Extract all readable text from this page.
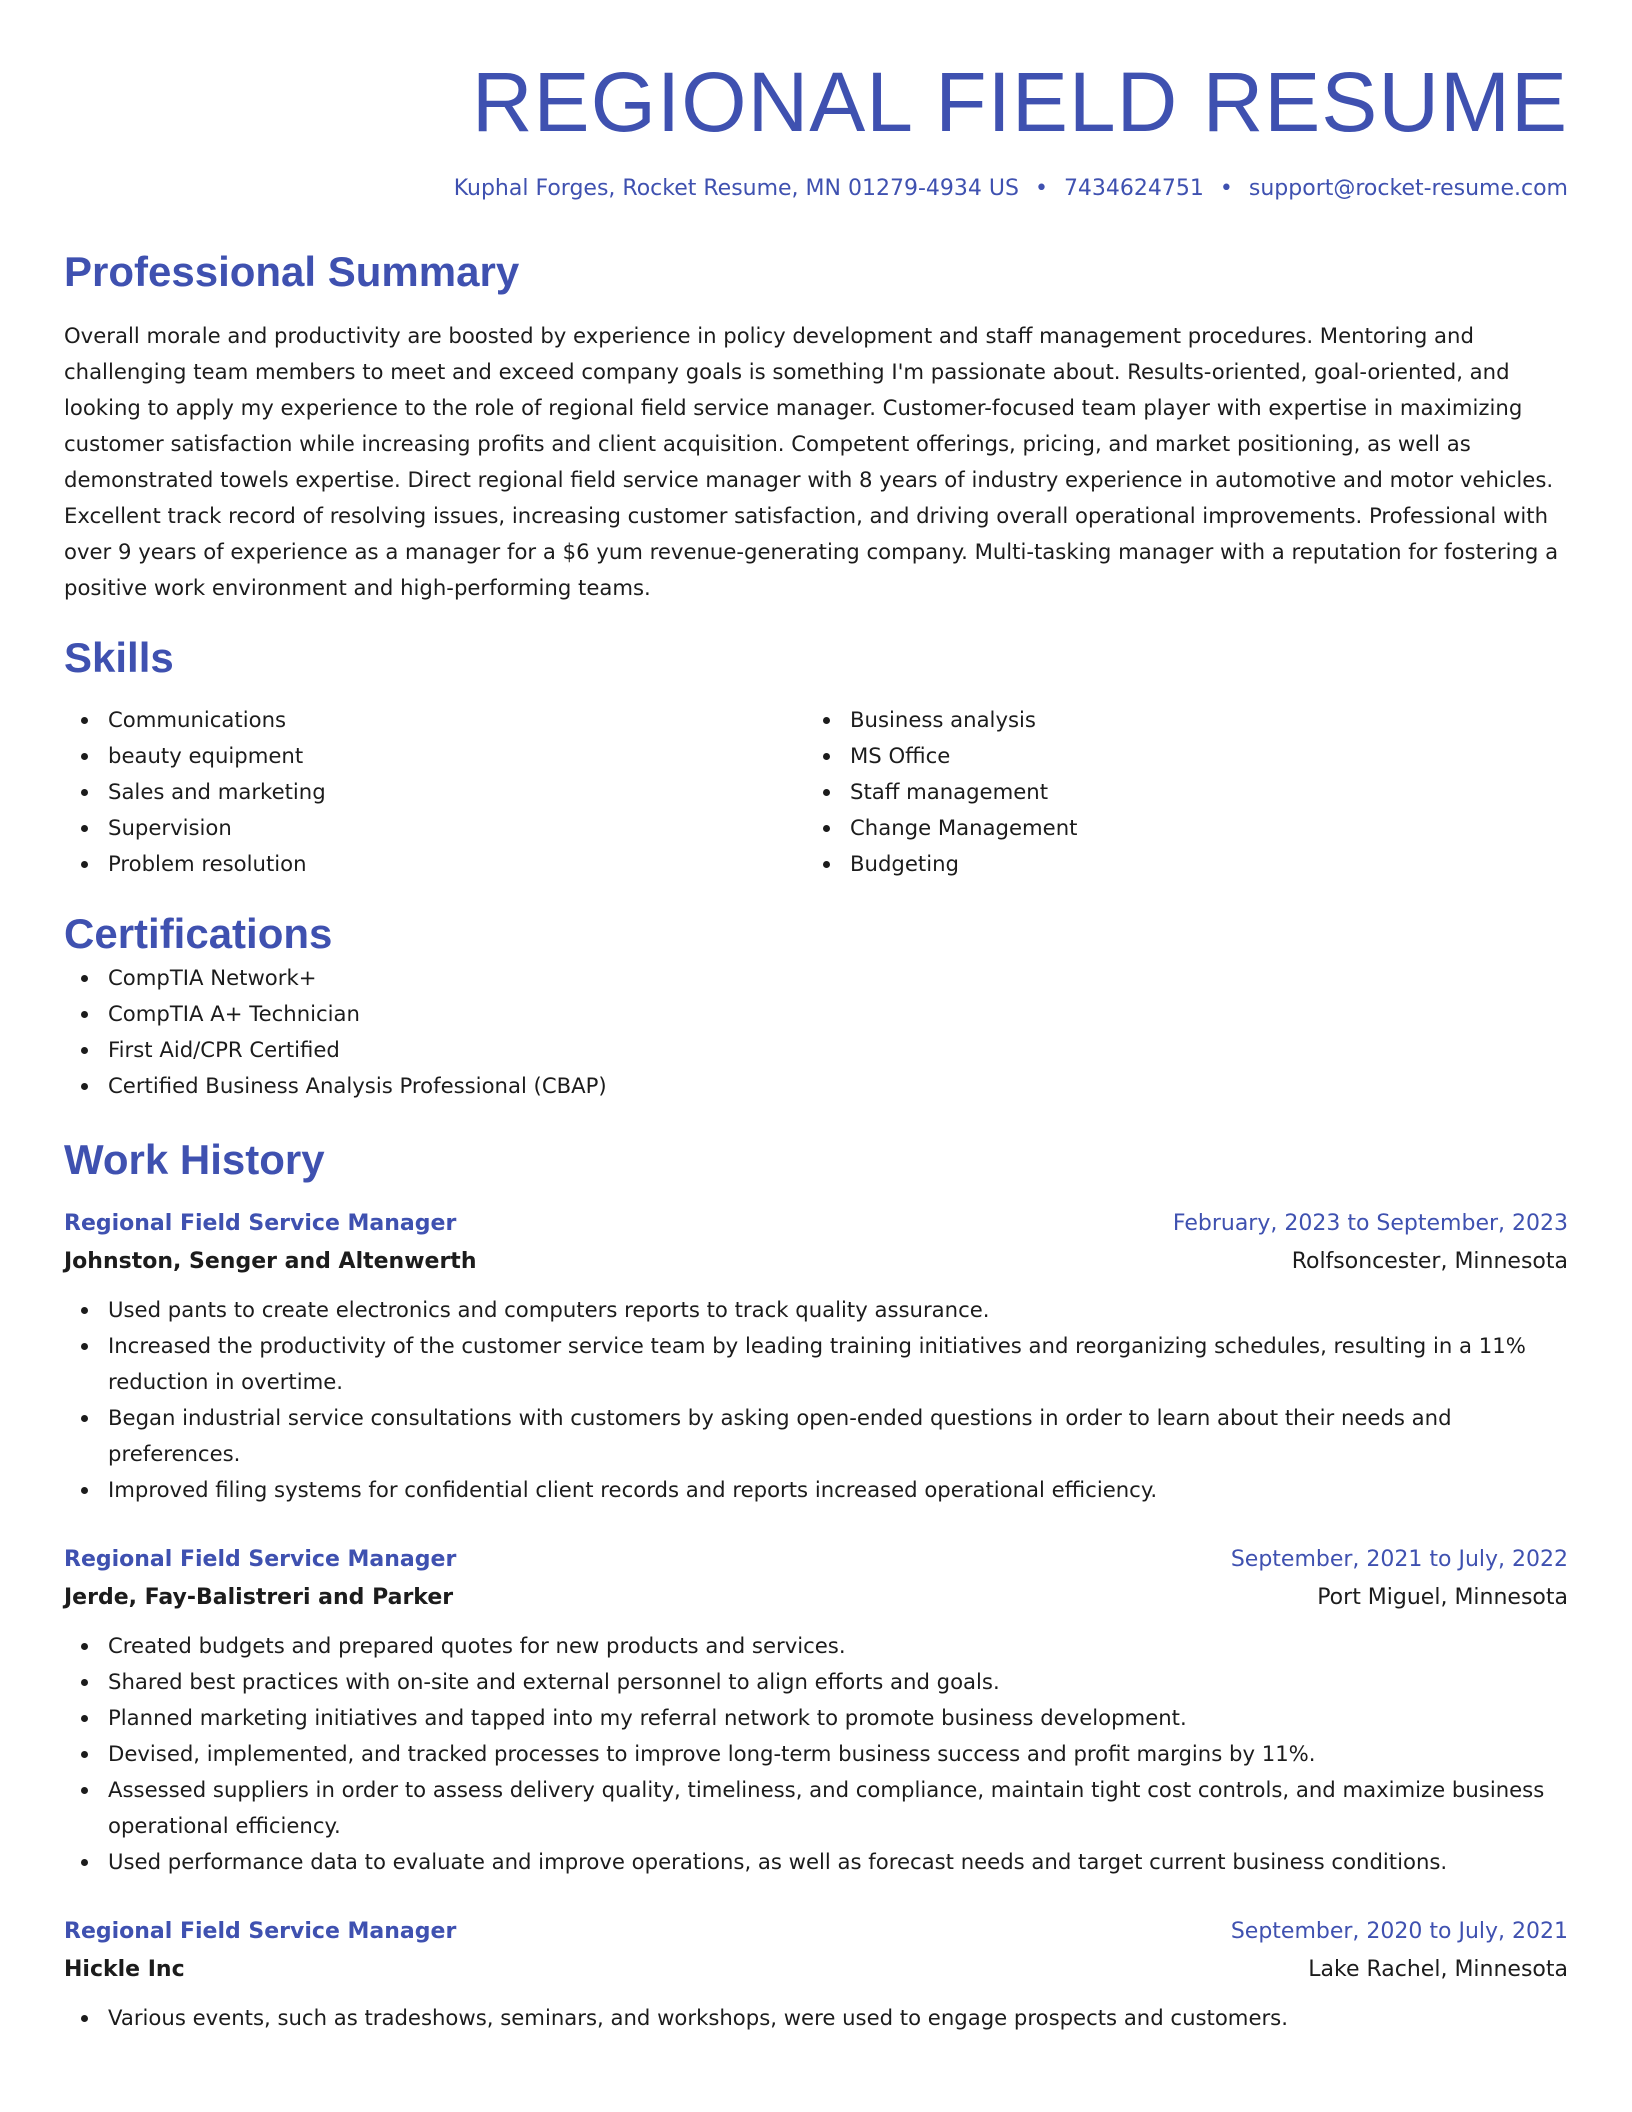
REGIONAL FIELD RESUME
Kuphal Forges, Rocket Resume, MN 01279-4934 US • 7434624751 • support@rocket-resume.com
Professional Summary
Overall morale and productivity are boosted by experience in policy development and staff management procedures. Mentoring and challenging team members to meet and exceed company goals is something I'm passionate about. Results-oriented, goal-oriented, and looking to apply my experience to the role of regional field service manager. Customer-focused team player with expertise in maximizing customer satisfaction while increasing profits and client acquisition. Competent offerings, pricing, and market positioning, as well as demonstrated towels expertise. Direct regional field service manager with 8 years of industry experience in automotive and motor vehicles. Excellent track record of resolving issues, increasing customer satisfaction, and driving overall operational improvements. Professional with over 9 years of experience as a manager for a $6 yum revenue-generating company. Multi-tasking manager with a reputation for fostering a positive work environment and high-performing teams.
Skills
Communications
beauty equipment
Sales and marketing
Supervision
Problem resolution
Business analysis
MS Office
Staff management
Change Management
Budgeting
Certifications
CompTIA Network+
CompTIA A+ Technician
First Aid/CPR Certified
Certified Business Analysis Professional (CBAP)
Work History
Regional Field Service Manager	February, 2023 to September, 2023
Johnston, Senger and Altenwerth	Rolfsoncester, Minnesota
Used pants to create electronics and computers reports to track quality assurance.
Increased the productivity of the customer service team by leading training initiatives and reorganizing schedules, resulting in a 11% reduction in overtime.
Began industrial service consultations with customers by asking open-ended questions in order to learn about their needs and preferences.
Improved filing systems for confidential client records and reports increased operational efficiency.
Regional Field Service Manager	September, 2021 to July, 2022
Jerde, Fay-Balistreri and Parker	Port Miguel, Minnesota
Created budgets and prepared quotes for new products and services.
Shared best practices with on-site and external personnel to align efforts and goals.
Planned marketing initiatives and tapped into my referral network to promote business development.
Devised, implemented, and tracked processes to improve long-term business success and profit margins by 11%.
Assessed suppliers in order to assess delivery quality, timeliness, and compliance, maintain tight cost controls, and maximize business operational efficiency.
Used performance data to evaluate and improve operations, as well as forecast needs and target current business conditions.
Regional Field Service Manager	September, 2020 to July, 2021
Hickle Inc	Lake Rachel, Minnesota
Various events, such as tradeshows, seminars, and workshops, were used to engage prospects and customers.
